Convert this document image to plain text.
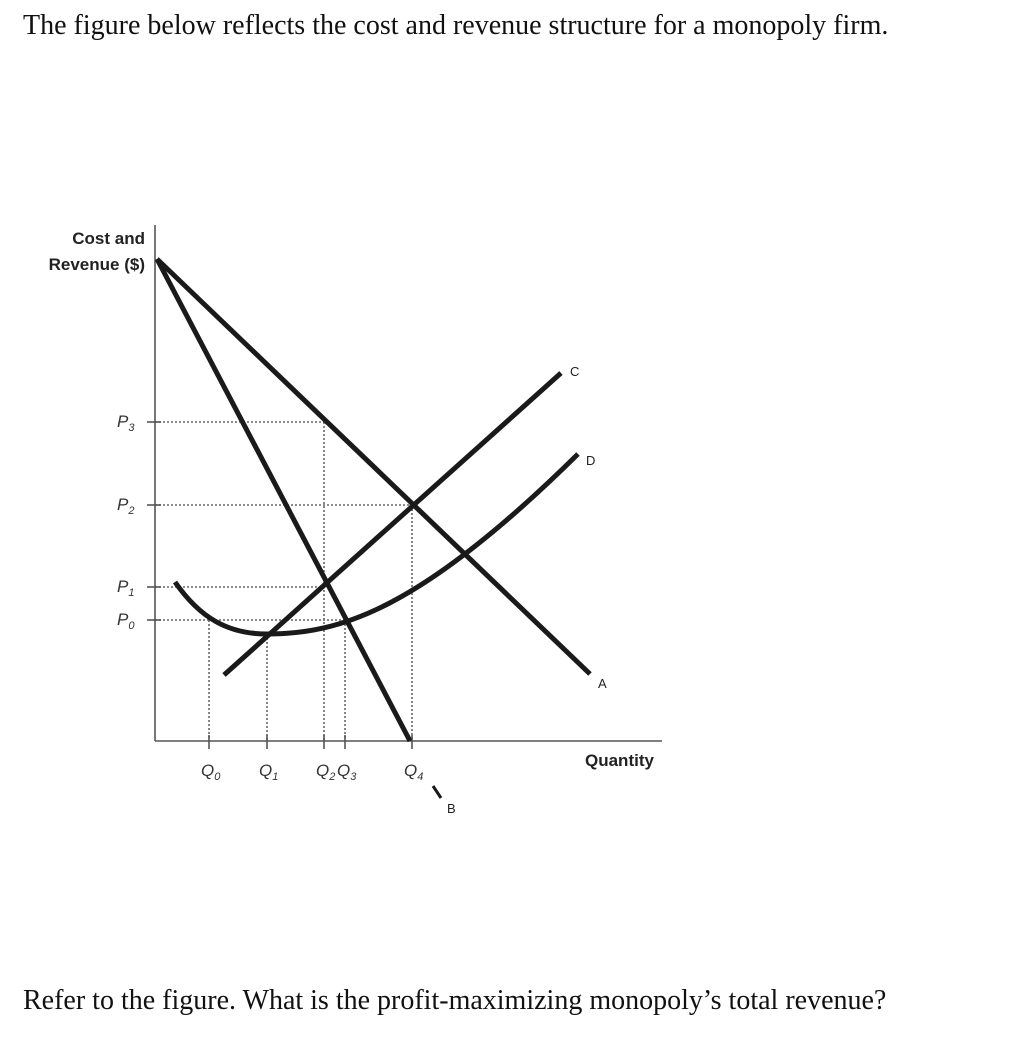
The figure below reflects the cost and revenue structure for a monopoly firm.
Cost and
Revenue ($)
Quantity
A
B
C
D
$Q_0$ $Q_1$ $Q_2$ $Q_3$	$Q_4$
$P_3$
$P_2$
$P_1$
$P_0$

Refer to the figure. What is the profit-maximizing monopoly’s total revenue?
